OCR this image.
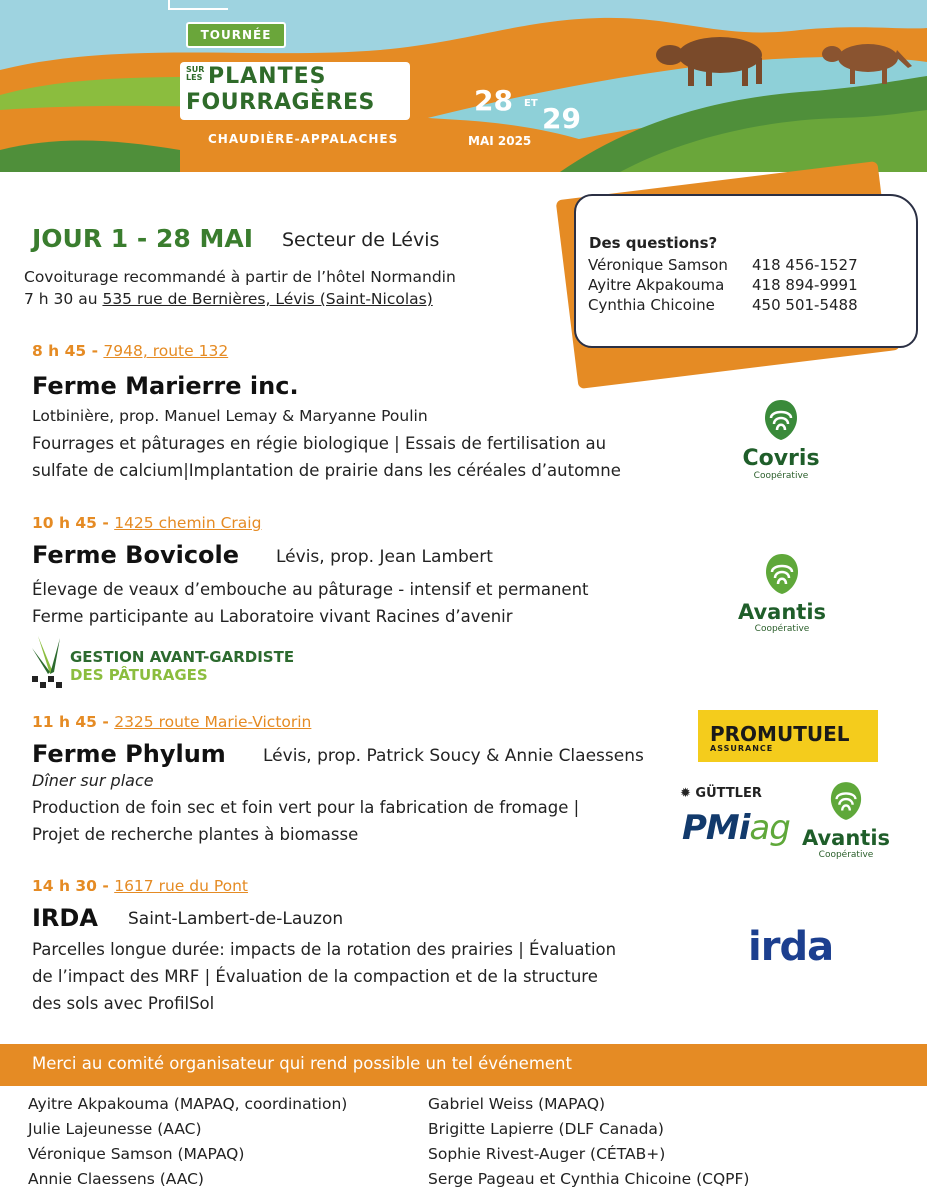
TOURNÉE
SUR LES PLANTES
FOURRAGÈRES
CHAUDIÈRE-APPALACHES
28 ET 29
MAI 2025
JOUR 1 - 28 MAI Secteur de Lévis
Covoiturage recommandé à partir de l’hôtel Normandin
7 h 30 au 535 rue de Bernières, Lévis (Saint-Nicolas)
Des questions?
Véronique Samson 418 456-1527
Ayitre Akpakouma 418 894-9991
Cynthia Chicoine 450 501-5488
8 h 45 - 7948, route 132
Ferme Marierre inc.
Lotbinière, prop. Manuel Lemay & Maryanne Poulin
Fourrages et pâturages en régie biologique | Essais de fertilisation au
sulfate de calcium|Implantation de prairie dans les céréales d’automne	Covris
Coopérative
10 h 45 - 1425 chemin Craig
Ferme Bovicole Lévis, prop. Jean Lambert
Élevage de veaux d’embouche au pâturage - intensif et permanent
Ferme participante au Laboratoire vivant Racines d’avenir
GESTION AVANT-GARDISTE
DES PÂTURAGES
Avantis
Coopérative
11 h 45 - 2325 route Marie-Victorin
Ferme Phylum Lévis, prop. Patrick Soucy & Annie Claessens
Dîner sur place
Production de foin sec et foin vert pour la fabrication de fromage |
Projet de recherche plantes à biomasse
PROMUTUEL
ASSURANCE
✹ GÜTTLER
PMiag Avantis
Coopérative
14 h 30 - 1617 rue du Pont
IRDA Saint-Lambert-de-Lauzon
Parcelles longue durée: impacts de la rotation des prairies | Évaluation
de l’impact des MRF | Évaluation de la compaction et de la structure
des sols avec ProfilSol
irda
Merci au comité organisateur qui rend possible un tel événement
Ayitre Akpakouma (MAPAQ, coordination)
Julie Lajeunesse (AAC)
Véronique Samson (MAPAQ)
Annie Claessens (AAC)
Gabriel Weiss (MAPAQ)
Brigitte Lapierre (DLF Canada)
Sophie Rivest-Auger (CÉTAB+)
Serge Pageau et Cynthia Chicoine (CQPF)
